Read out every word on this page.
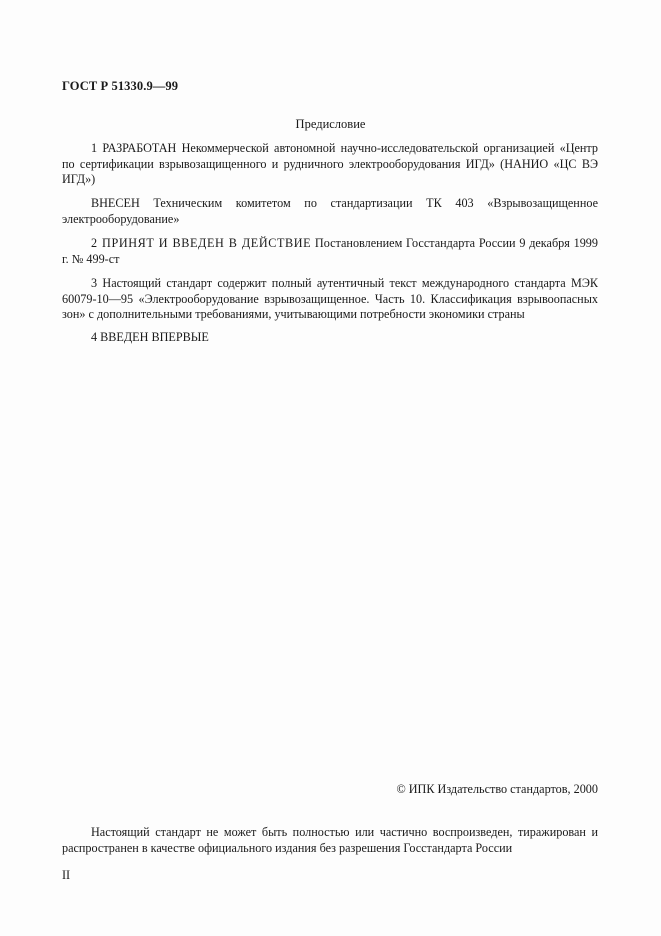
ГОСТ Р 51330.9—99
Предисловие

1 РАЗРАБОТАН Некоммерческой автономной научно-исследовательской организацией «Центр по сертификации взрывозащищенного и рудничного электрооборудования ИГД» (НАНИО «ЦС ВЭ ИГД»)

ВНЕСЕН Техническим комитетом по стандартизации ТК 403 «Взрывозащищенное электрооборудование»

2 ПРИНЯТ И ВВЕДЕН В ДЕЙСТВИЕ Постановлением Госстандарта России 9 декабря 1999 г. № 499-ст

3 Настоящий стандарт содержит полный аутентичный текст международного стандарта МЭК 60079-10—95 «Электрооборудование взрывозащищенное. Часть 10. Классификация взрывоопасных зон» с дополнительными требованиями, учитывающими потребности экономики страны

4 ВВЕДЕН ВПЕРВЫЕ

© ИПК Издательство стандартов, 2000

Настоящий стандарт не может быть полностью или частично воспроизведен, тиражирован и распространен в качестве официального издания без разрешения Госстандарта России

II
